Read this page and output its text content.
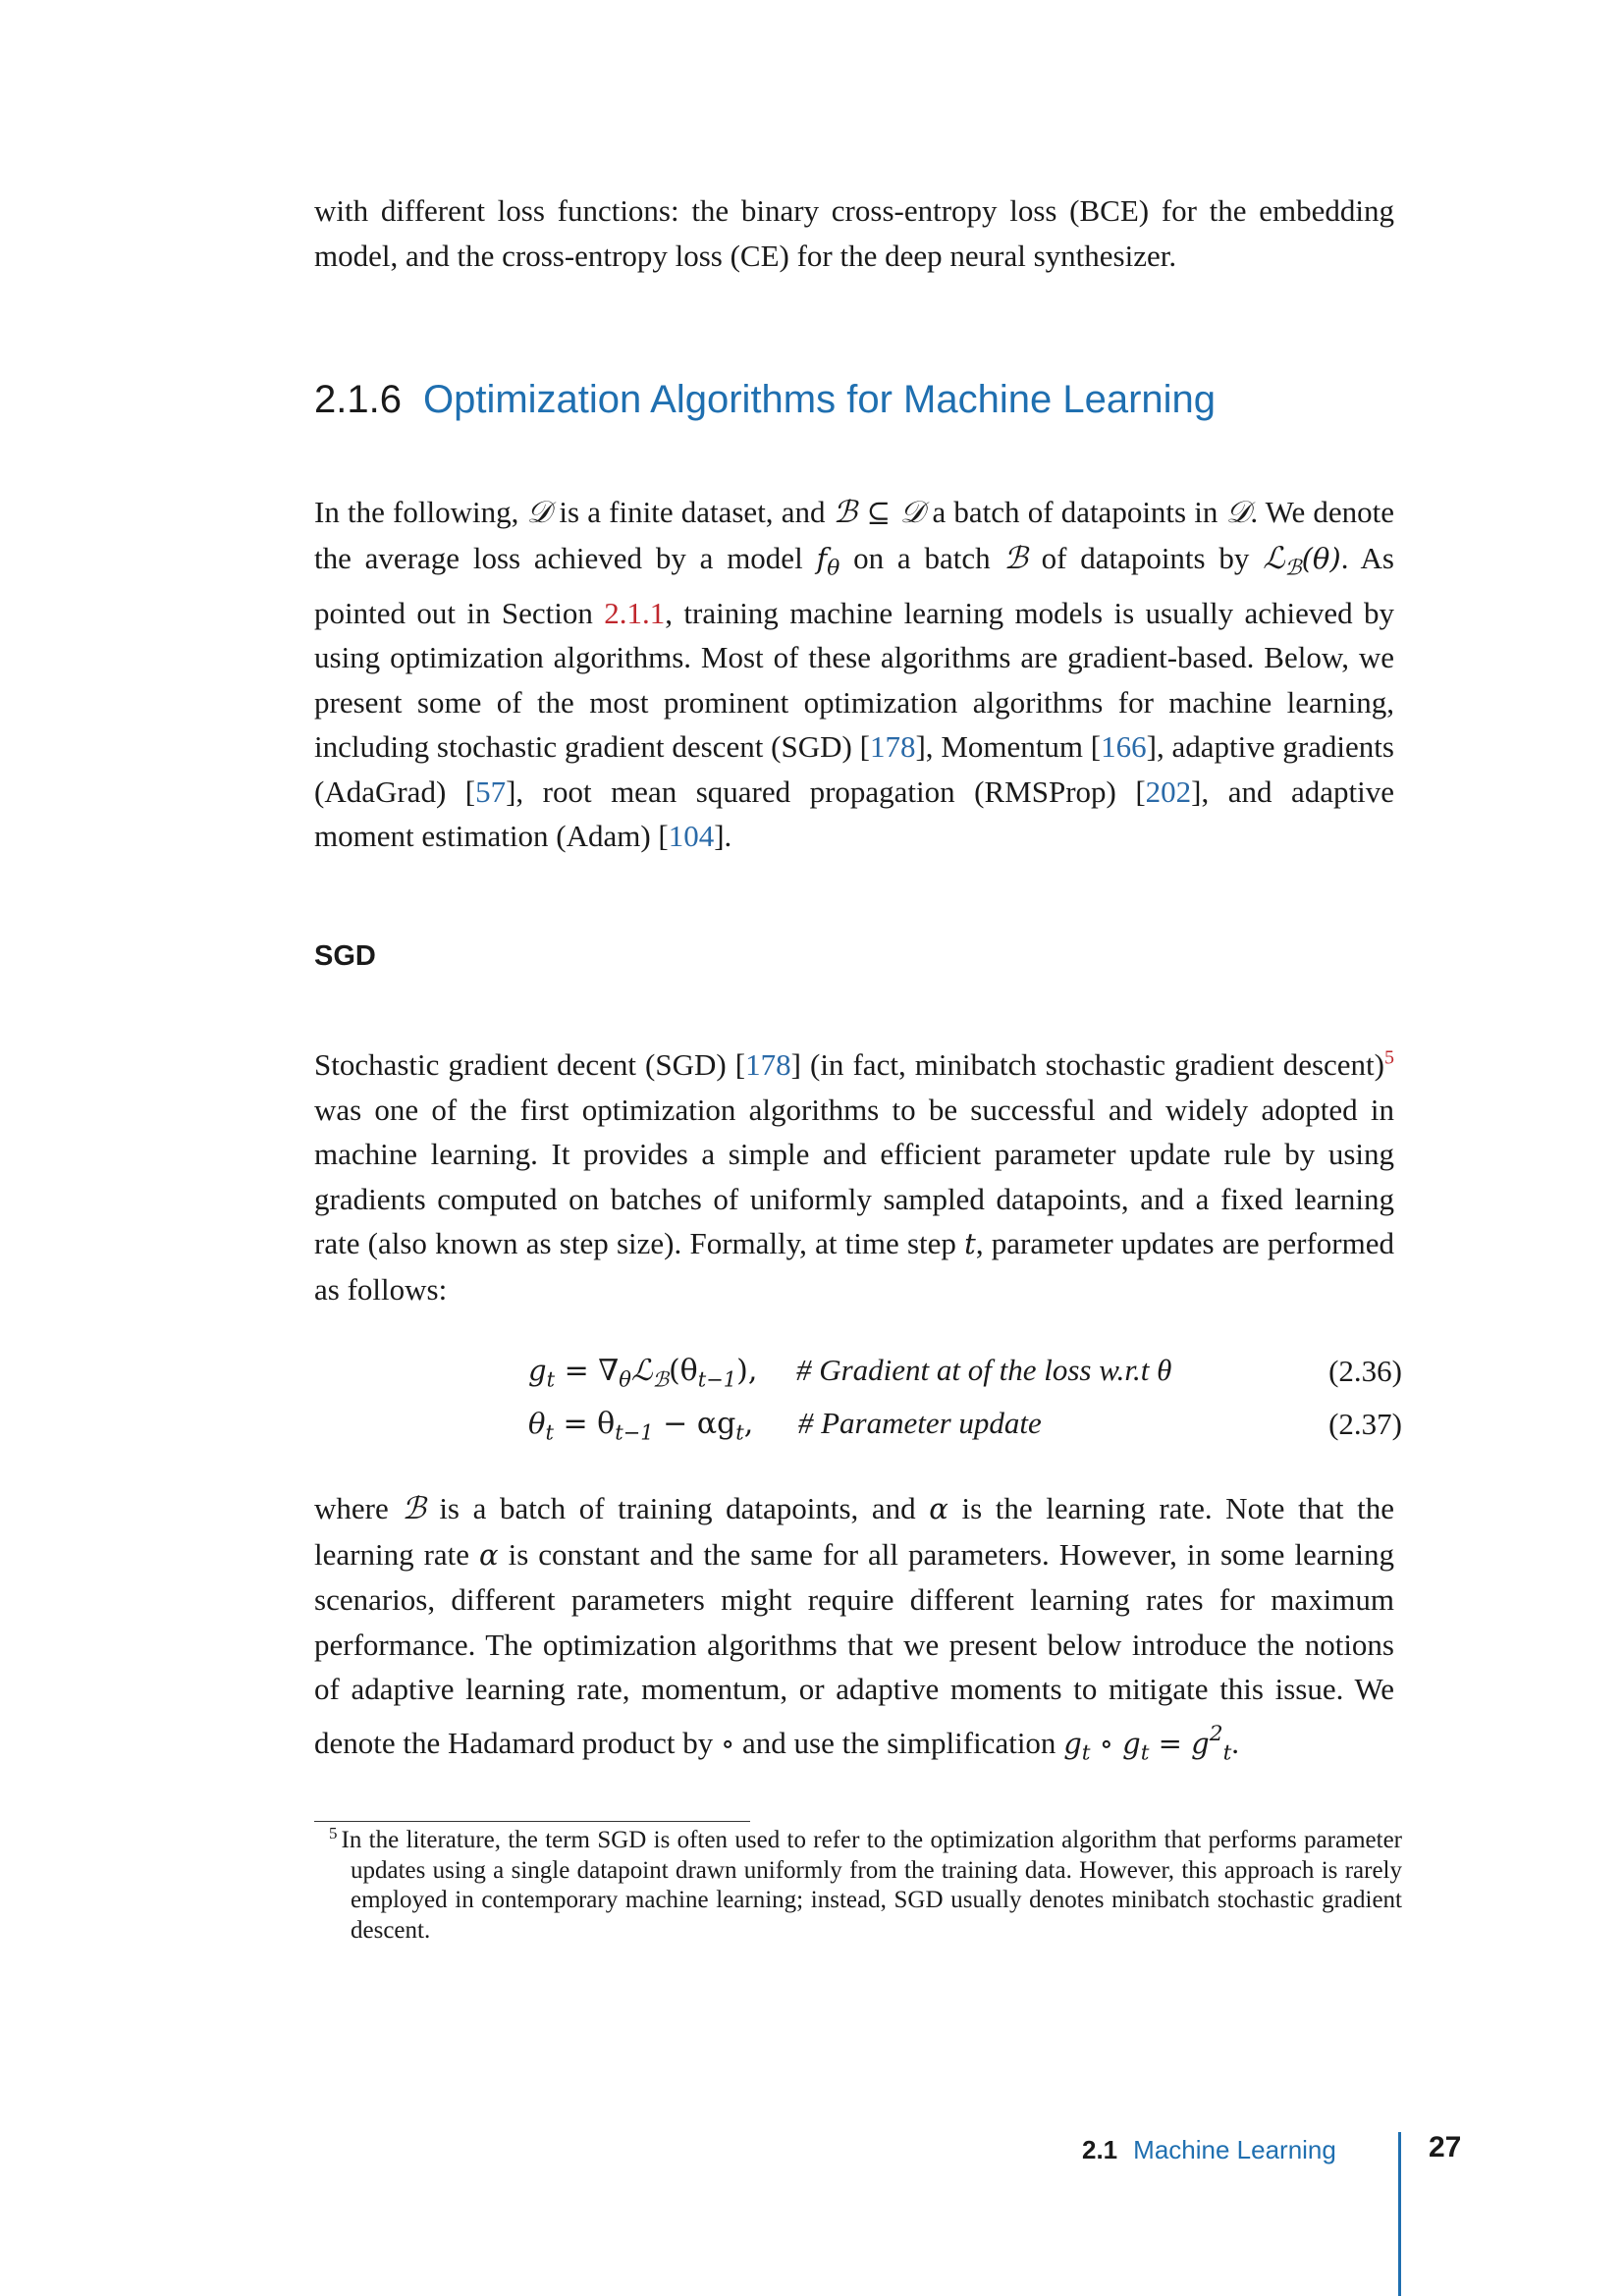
with different loss functions: the binary cross-entropy loss (BCE) for the embedding model, and the cross-entropy loss (CE) for the deep neural synthesizer.

2.1.6 Optimization Algorithms for Machine Learning

In the following, 𝒟 is a finite dataset, and ℬ ⊆ 𝒟 a batch of datapoints in 𝒟. We denote the average loss achieved by a model $f_\theta$ on a batch ℬ of datapoints by ℒ$_ℬ$(θ). As pointed out in Section 2.1.1, training machine learning models is usually achieved by using optimization algorithms. Most of these algorithms are gradient-based. Below, we present some of the most prominent optimization algorithms for machine learning, including stochastic gradient descent (SGD) [178], Momentum [166], adaptive gradients (AdaGrad) [57], root mean squared propagation (RMSProp) [202], and adaptive moment estimation (Adam) [104].

SGD

Stochastic gradient decent (SGD) [178] (in fact, minibatch stochastic gradient descent)$^5$ was one of the first optimization algorithms to be successful and widely adopted in machine learning. It provides a simple and efficient parameter update rule by using gradients computed on batches of uniformly sampled datapoints, and a fixed learning rate (also known as step size). Formally, at time step t, parameter updates are performed as follows:

$g_t$ = $\nabla_\theta ℒ_ℬ(\theta_{t-1})$, # Gradient at of the loss w.r.t θ	(2.36)
$\theta_t = \theta_{t-1} - \alpha g_t$, # Parameter update	(2.37)

where ℬ is a batch of training datapoints, and α is the learning rate. Note that the learning rate α is constant and the same for all parameters. However, in some learning scenarios, different parameters might require different learning rates for maximum performance. The optimization algorithms that we present below introduce the notions of adaptive learning rate, momentum, or adaptive moments to mitigate this issue. We denote the Hadamard product by ∘ and use the simplification $g_t$ ∘ $g_t = g^2_t$.

$^5$ In the literature, the term SGD is often used to refer to the optimization algorithm that performs parameter updates using a single datapoint drawn uniformly from the training data. However, this approach is rarely employed in contemporary machine learning; instead, SGD usually denotes minibatch stochastic gradient descent.

2.1 Machine Learning	27
